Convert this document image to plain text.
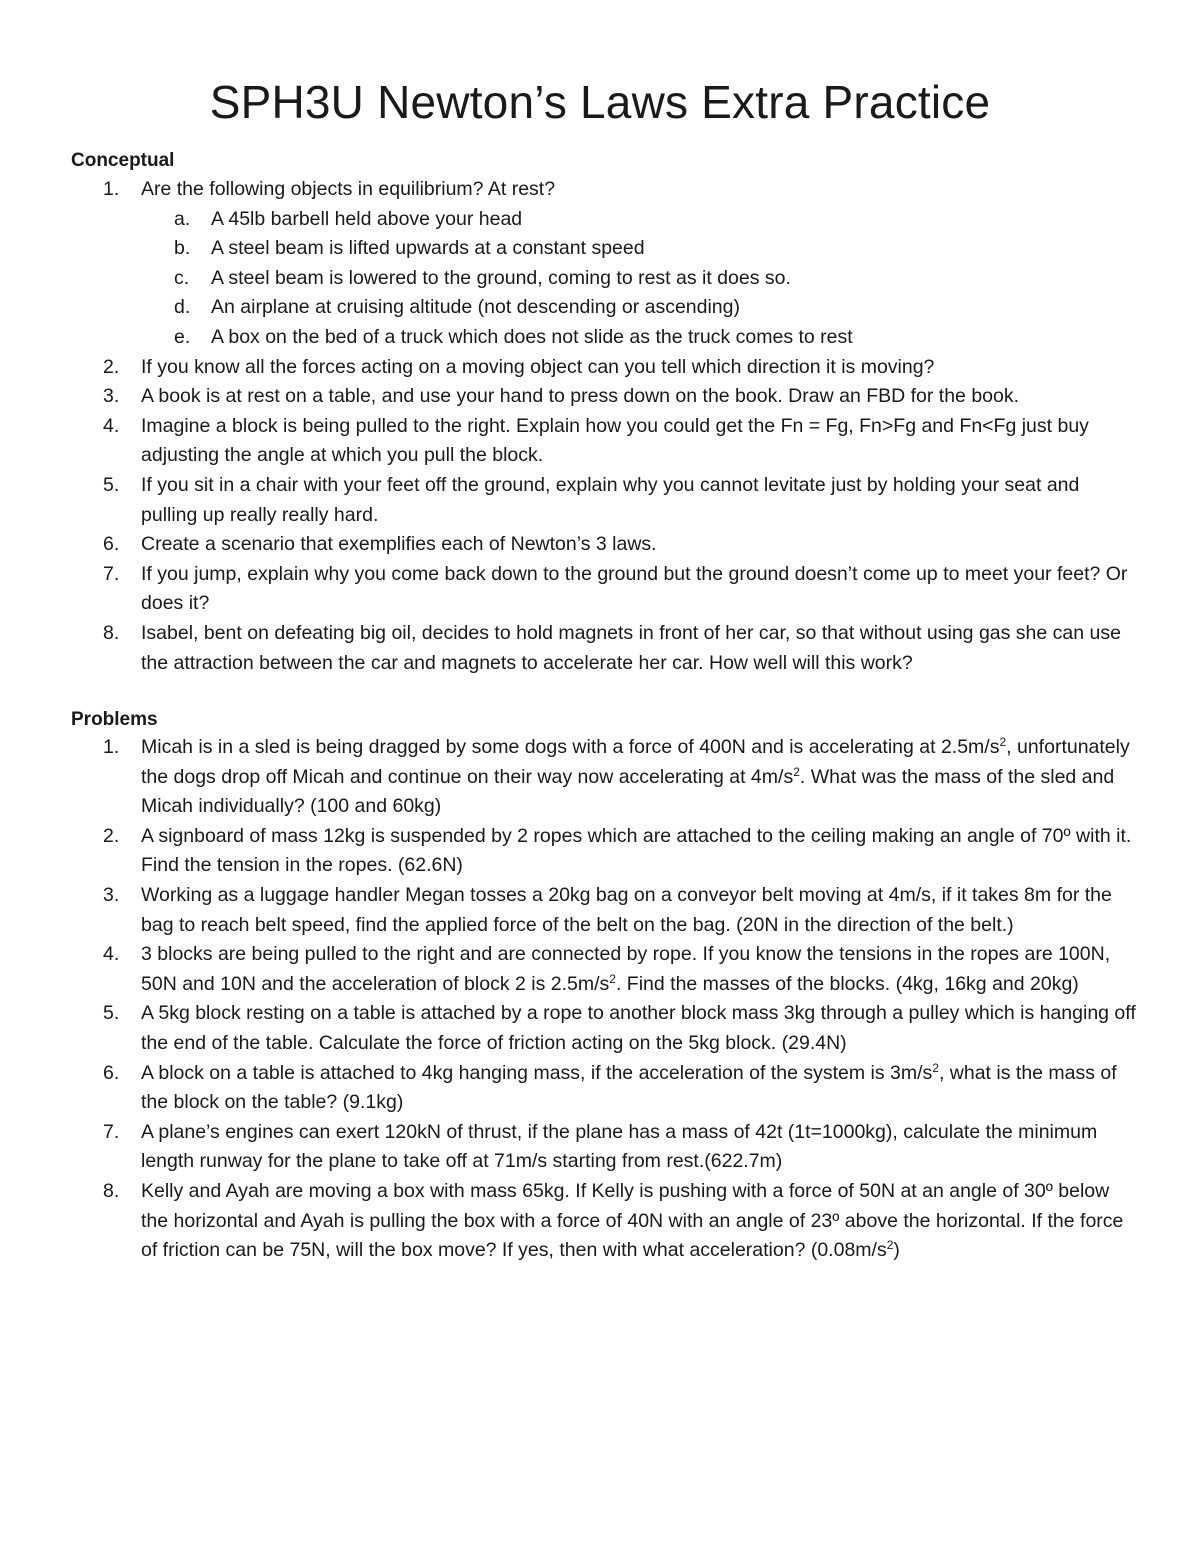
SPH3U Newton’s Laws Extra Practice
Conceptual
1.	Are the following objects in equilibrium? At rest?
a. A 45lb barbell held above your head
b. A steel beam is lifted upwards at a constant speed
c. A steel beam is lowered to the ground, coming to rest as it does so.
d. An airplane at cruising altitude (not descending or ascending)
e. A box on the bed of a truck which does not slide as the truck comes to rest
2.	If you know all the forces acting on a moving object can you tell which direction it is moving?
3.	A book is at rest on a table, and use your hand to press down on the book. Draw an FBD for the book.
4.	Imagine a block is being pulled to the right. Explain how you could get the Fn = Fg, Fn>Fg and Fn<Fg just buy adjusting the angle at which you pull the block.
5.	If you sit in a chair with your feet off the ground, explain why you cannot levitate just by holding your seat and pulling up really really hard.
6.	Create a scenario that exemplifies each of Newton’s 3 laws.
7.	If you jump, explain why you come back down to the ground but the ground doesn’t come up to meet your feet? Or does it?
8.	Isabel, bent on defeating big oil, decides to hold magnets in front of her car, so that without using gas she can use the attraction between the car and magnets to accelerate her car. How well will this work?
Problems
1.	Micah is in a sled is being dragged by some dogs with a force of 400N and is accelerating at $2.5m/s^2$, unfortunately the dogs drop off Micah and continue on their way now accelerating at $4m/s^2$. What was the mass of the sled and Micah individually? (100 and 60kg)
2.	A signboard of mass 12kg is suspended by 2 ropes which are attached to the ceiling making an angle of 70º with it. Find the tension in the ropes. (62.6N)
3.	Working as a luggage handler Megan tosses a 20kg bag on a conveyor belt moving at 4m/s, if it takes 8m for the bag to reach belt speed, find the applied force of the belt on the bag. (20N in the direction of the belt.)
4.	3 blocks are being pulled to the right and are connected by rope. If you know the tensions in the ropes are 100N, 50N and 10N and the acceleration of block 2 is $2.5m/s^2$. Find the masses of the blocks. (4kg, 16kg and 20kg)
5.	A 5kg block resting on a table is attached by a rope to another block mass 3kg through a pulley which is hanging off the end of the table. Calculate the force of friction acting on the 5kg block. (29.4N)
6.	A block on a table is attached to 4kg hanging mass, if the acceleration of the system is $3m/s^2$, what is the mass of the block on the table? (9.1kg)
7.	A plane’s engines can exert 120kN of thrust, if the plane has a mass of 42t (1t=1000kg), calculate the minimum length runway for the plane to take off at 71m/s starting from rest.(622.7m)
8.	Kelly and Ayah are moving a box with mass 65kg. If Kelly is pushing with a force of 50N at an angle of 30º below the horizontal and Ayah is pulling the box with a force of 40N with an angle of 23º above the horizontal. If the force of friction can be 75N, will the box move? If yes, then with what acceleration? $(0.08m/s^2)$
